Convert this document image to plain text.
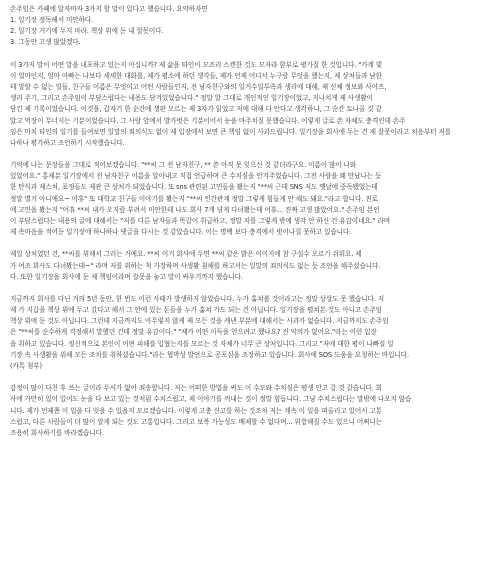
손주임은 카페에 앉자마자 3가지 할 말이 있다고 했습니다. 요약하자면
1. 일기장 정독해서 미안하다.
2. 일기장 거기에 두지 마라. 책상 위에 둔 내 잘못이다.
3. 그동안 고생 많았겠다.
이 3가지 말이 어떤 말을 내포하고 있는지 아십니까? 제 삶을 타인이 모조리 스캔한 것도 모자라 함부로 평가질 한 것입니다. "가계 빚
이 얼마인지, 엄마 아빠는 나보다 세세한 대화를, 제가 평소에 하던 생각들, 제가 언제 어디서 누구랑 무엇을 했는지, 제 상처들과 남한
테 말할 수 없는 일들, 친구들 이름은 무엇이고 어떤 사람들인지, 전 남자친구와의 일거수일투족과 생리에 대해, 제 신체 정보와 사이즈,
생리 주기, 그리고 손주임이 부담스럽다는 내용도 담겨있었습니다." 정말 알 그대로 개인적인 일기장이었고, 지나치게 제 사생활이
담긴 제 기록이었습니다. 이것을, 갑자기 한 순간에 생판 모르는 제 3자가 읽었고 저에 대해 다 안다고 생각하니, 그 순간 토나올 것 같
았고 억장이 무너지는 기분이었습니다. 그 사람 앞에서 발가벗은 기분이어서 눈을 마주치질 못했습니다. 이렇게 글로 쓴 자체도 충격인데 손주
임은 마치 타인의 일기를 들여보면 일말의 죄의식도 없이 제 입장에서 보면 큰 책임 없이 사과드립니다. 일기장을 회사에 두는 건 제 잘못이라고 처음부터 저를
나하나 평가하고 조언하기 시작했습니다.
기억에 나는 문장들을 그대로 적어보겠습니다. "**씨 그 전 남자친구, ** 쓴 아직 못 잊으신 것 같더라구요. 이름이 많이 나와
있었어요." 홍제분 일기장에서 전 남자친구 이름을 알아내고 직접 언급하며 큰 수치심을 안겨주었습니다. 그전 사람을 왜 만났나는 듯
한 탄식과 제스처, 표정들도 제관 큰 상처가 되었습니다. 또 sns 관련된 고민들을 봤는지 "**씨 근데 SNS 저도 옛날에 중독됐었는데
정말 별거 아니예요~ 어휴" 또 대학교 친구들 이야기를 봤는지 "**씨 인간관계 정말 그렇게 힘들게 안 해도 돼요."라고 합니다. 진로
에 고민을 봤는지 "어휴 **씨 내가 오지랖 부려서 미안한데 나도 회사 7개 넘게 다녀봤는데 어휴... 진짜 고생 많았어요." 손주임 본인
이 부담스럽다는 내용의 글에 대해서는 "저를 다른 남자들과 똑같이 취급하고, 정말 저를 그렇게 밖에 생각 안 하신 건 유감이네요." 라며
제 속마음을 적어둔 일기장에 하나하나 댓글을 다시는 것 같았습니다. 이는 명백 보다 충격에서 벗어나질 못하고 있습니다.
제일 상처였던 건, **씨를 위해서 그러는 거예요. **씨 이거 회사에 두면 **씨 같은 밝은 이미지에 참 구설수 오르기 쉬워요. 제
가 여조 회사도 다녀봤는데~" 라며 저를 위하는 척 가장하며 사생활 침해를 하고서는 일말의 죄의식도 없는 듯 조언을 해주셨습니다.
다. 또한 일기장을 회사에 둔 제 책임이라며 잘못을 놓고 말이 싸우기까지 했습니다.
지금까지 회사를 다닌 거의 5년 동안, 한 번도 이런 사태가 발생하지 않았습니다. 누가 훔쳐볼 것이라고는 정말 상상도 못 했습니다. 저
제 가 지갑을 책상 위에 두고 갔다고 해서 그 안에 있는 돈들을 누가 훔쳐 가도 되는 건 아닙니다. 일기장을 펼쳐본 것도 아니고 손주임
책상 위에 둔 것도 아닙니다. 그런데 지금까지도 아무렇지 않게 제 모든 것을 캐낸 부분에 대해서는 사과가 없습니다. 지금까지도 손주임
은 "**씨를 순수하게 걱정해서 말했던 건데 정말 유감이다." "제가 어떤 이득을 얻으려고 했나요? 전 악의가 없어요."라는 이런 입장
을 취하고 있습니다. 정신적으로 본인이 어떤 피해를 입혔는지를 모르는 것 자체가 너무 큰 상처입니다. 그리고 "저에 대한 평이 나빠질 일
기장 속 사생활을 위해 모든 조치를 취하셨습니다."라는 협박성 발언으로 공포심을 조장하고 있습니다. 회사에 SOS 도움을 요청하는 바입니다.
(카톡 첨부)
감정이 많이 다친 후 쓰는 글이라 두서가 없어 죄송합니다. 저는 어떠한 방법을 써도 이 수모와 수치심은 평생 안고 갈 것 같습니다. 회
사에 가만히 있어 있어도 눈을 다 보고 있는 것처럼 수치스럽고, 제 이야기를 꺼내는 것이 정말 힘듭니다. 그냥 수치스럽다는 말밖에 나오지 않습
니다. 제가 언제쯤 이 일을 다 잊을 수 있을지 모르겠습니다. 이렇게 고충 신고를 하는 것조차 저는 계속 이 일을 떠올리고 있어서 고통
스럽고, 다른 사람들이 더 많이 알게 되는 것도 고통입니다. 그리고 보복 가능성도 배제할 수 없다며... 위험해질 수도 있으니 어쩌니는
조용히 회사하기를 바라겠습니다.
